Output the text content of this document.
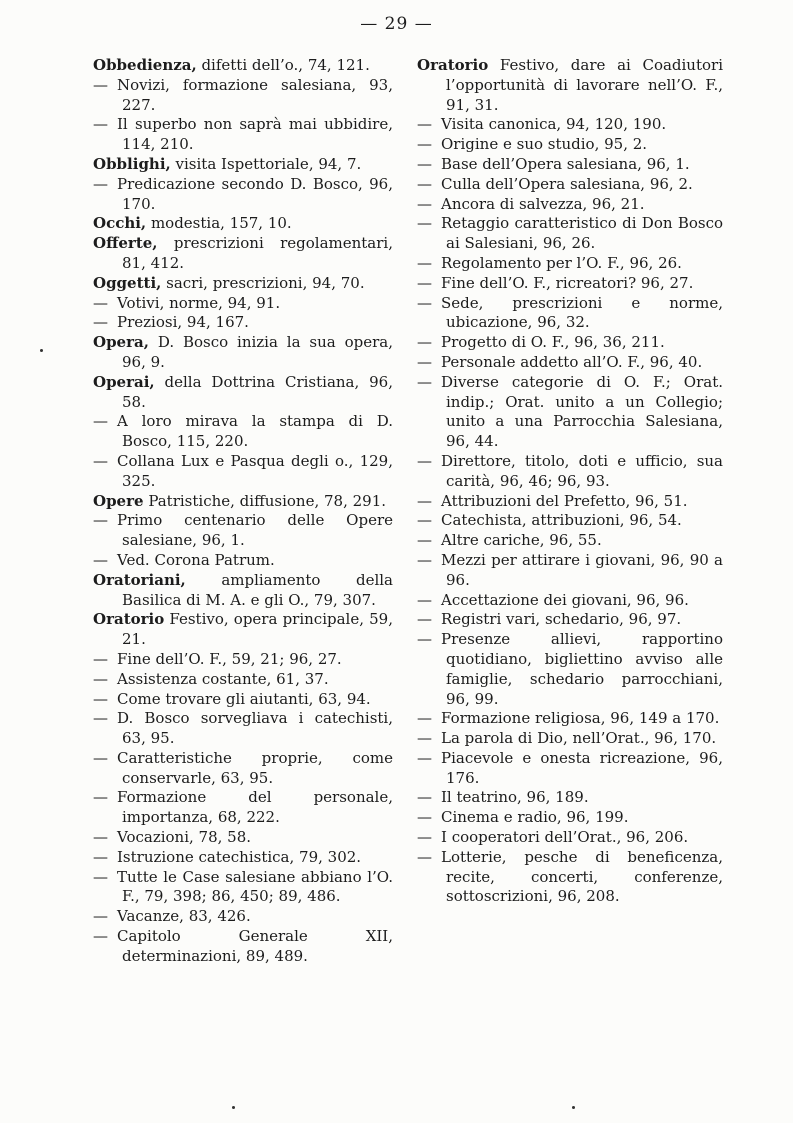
— 29 —
Obbedienza, difetti dell’o., 74, 121.
— Novizi, formazione salesiana, 93, 227.
— Il superbo non saprà mai ubbidire, 114, 210.
Obblighi, visita Ispettoriale, 94, 7.
— Predicazione secondo D. Bosco, 96, 170.
Occhi, modestia, 157, 10.
Offerte, prescrizioni regolamentari, 81, 412.
Oggetti, sacri, prescrizioni, 94, 70.
— Votivi, norme, 94, 91.
— Preziosi, 94, 167.
Opera, D. Bosco inizia la sua opera, 96, 9.
Operai, della Dottrina Cristiana, 96, 58.
— A loro mirava la stampa di D. Bosco, 115, 220.
— Collana Lux e Pasqua degli o., 129, 325.
Opere Patristiche, diffusione, 78, 291.
— Primo centenario delle Opere salesiane, 96, 1.
— Ved. Corona Patrum.
Oratoriani, ampliamento della Basilica di M. A. e gli O., 79, 307.
Oratorio Festivo, opera principale, 59, 21.
— Fine dell’O. F., 59, 21; 96, 27.
— Assistenza costante, 61, 37.
— Come trovare gli aiutanti, 63, 94.
— D. Bosco sorvegliava i catechisti, 63, 95.
— Caratteristiche proprie, come conservarle, 63, 95.
— Formazione del personale, importanza, 68, 222.
— Vocazioni, 78, 58.
— Istruzione catechistica, 79, 302.
— Tutte le Case salesiane abbiano l’O. F., 79, 398; 86, 450; 89, 486.
— Vacanze, 83, 426.
— Capitolo Generale XII, determinazioni, 89, 489.
Oratorio Festivo, dare ai Coadiutori l’opportunità di lavorare nell’O. F., 91, 31.
— Visita canonica, 94, 120, 190.
— Origine e suo studio, 95, 2.
— Base dell’Opera salesiana, 96, 1.
— Culla dell’Opera salesiana, 96, 2.
— Ancora di salvezza, 96, 21.
— Retaggio caratteristico di Don Bosco ai Salesiani, 96, 26.
— Regolamento per l’O. F., 96, 26.
— Fine dell’O. F., ricreatori? 96, 27.
— Sede, prescrizioni e norme, ubicazione, 96, 32.
— Progetto di O. F., 96, 36, 211.
— Personale addetto all’O. F., 96, 40.
— Diverse categorie di O. F.; Orat. indip.; Orat. unito a un Collegio; unito a una Parrocchia Salesiana, 96, 44.
— Direttore, titolo, doti e ufficio, sua carità, 96, 46; 96, 93.
— Attribuzioni del Prefetto, 96, 51.
— Catechista, attribuzioni, 96, 54.
— Altre cariche, 96, 55.
— Mezzi per attirare i giovani, 96, 90 a 96.
— Accettazione dei giovani, 96, 96.
— Registri vari, schedario, 96, 97.
— Presenze allievi, rapportino quotidiano, bigliettino avviso alle famiglie, schedario parrocchiani, 96, 99.
— Formazione religiosa, 96, 149 a 170.
— La parola di Dio, nell’Orat., 96, 170.
— Piacevole e onesta ricreazione, 96, 176.
— Il teatrino, 96, 189.
— Cinema e radio, 96, 199.
— I cooperatori dell’Orat., 96, 206.
— Lotterie, pesche di beneficenza, recite, concerti, conferenze, sottoscrizioni, 96, 208.
